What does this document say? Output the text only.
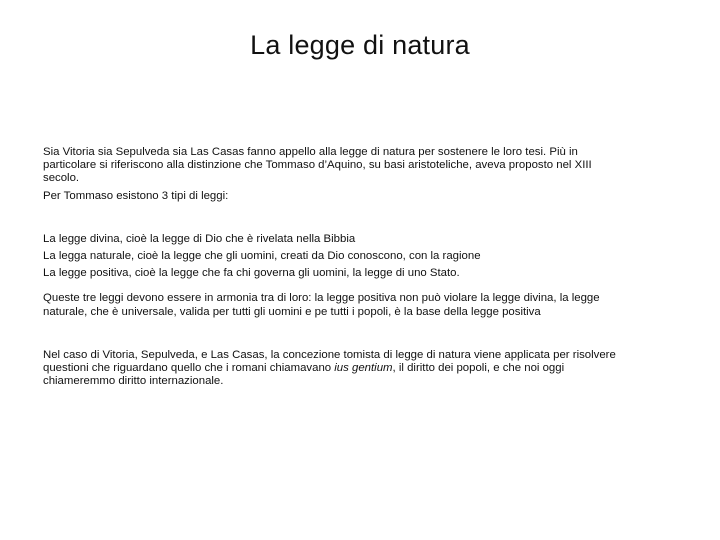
La legge di natura

Sia Vitoria sia Sepulveda sia Las Casas fanno appello alla legge di natura per sostenere le loro tesi. Più in

particolare si riferiscono alla distinzione che Tommaso d’Aquino, su basi aristoteliche, aveva proposto nel XIII

secolo.

Per Tommaso esistono 3 tipi di leggi:

La legge divina, cioè la legge di Dio che è rivelata nella Bibbia

La legga naturale, cioè la legge che gli uomini, creati da Dio conoscono, con la ragione

La legge positiva, cioè la legge che fa chi governa gli uomini, la legge di uno Stato.

Queste tre leggi devono essere in armonia tra di loro: la legge positiva non può violare la legge divina, la legge

naturale, che è universale, valida per tutti gli uomini e pe tutti i popoli, è la base della legge positiva

Nel caso di Vitoria, Sepulveda, e Las Casas, la concezione tomista di legge di natura viene applicata per risolvere

questioni che riguardano quello che i romani chiamavano ius gentium, il diritto dei popoli, e che noi oggi

chiameremmo diritto internazionale.
